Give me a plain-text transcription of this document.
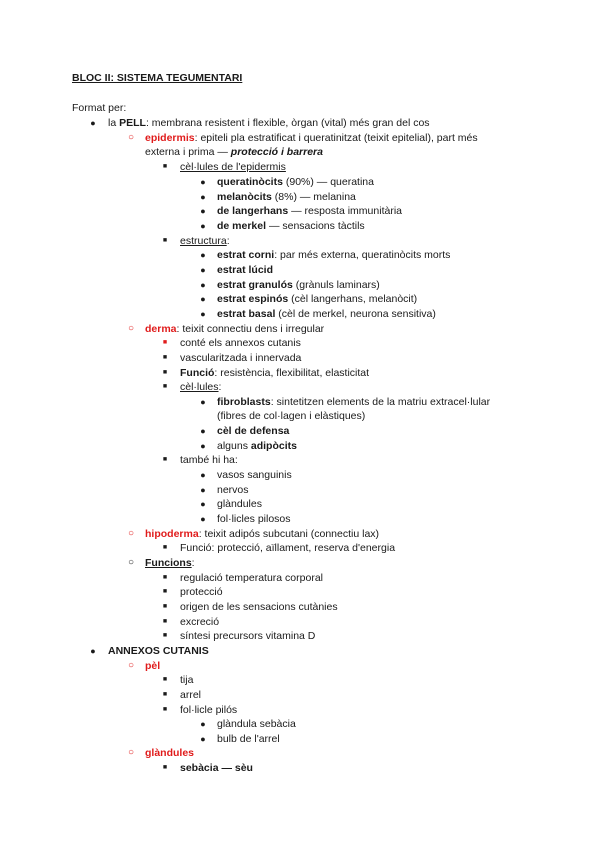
BLOC II: SISTEMA TEGUMENTARI
Format per:
●	la PELL: membrana resistent i flexible, òrgan (vital) més gran del cos
○	epidermis: epiteli pla estratificat i queratinitzat (teixit epitelial), part més
externa i prima — protecció i barrera
■	cèl·lules de l'epidermis
●	queratinòcits (90%) — queratina
●	melanòcits (8%) — melanina
●	de langerhans — resposta immunitària
●	de merkel — sensacions tàctils
■	estructura:
●	estrat corni: par més externa, queratinòcits morts
●	estrat lúcid
●	estrat granulós (grànuls laminars)
●	estrat espinós (cèl langerhans, melanòcit)
●	estrat basal (cèl de merkel, neurona sensitiva)
○	derma: teixit connectiu dens i irregular
■	conté els annexos cutanis
■	vascularitzada i innervada
■	Funció: resistència, flexibilitat, elasticitat
■	cèl·lules:
●	fibroblasts: sintetitzen elements de la matriu extracel·lular
(fibres de col·lagen i elàstiques)
●	cèl de defensa
●	alguns adipòcits
■	també hi ha:
●	vasos sanguinis
●	nervos
●	glàndules
●	fol·licles pilosos
○	hipoderma: teixit adipós subcutani (connectiu lax)
■	Funció: protecció, aïllament, reserva d'energia
○	Funcions:
■	regulació temperatura corporal
■	protecció
■	origen de les sensacions cutànies
■	excreció
■	síntesi precursors vitamina D
●	ANNEXOS CUTANIS
○	pèl
■	tija
■	arrel
■	fol·licle pilós
●	glàndula sebàcia
●	bulb de l'arrel
○	glàndules
■	sebàcia — sèu
